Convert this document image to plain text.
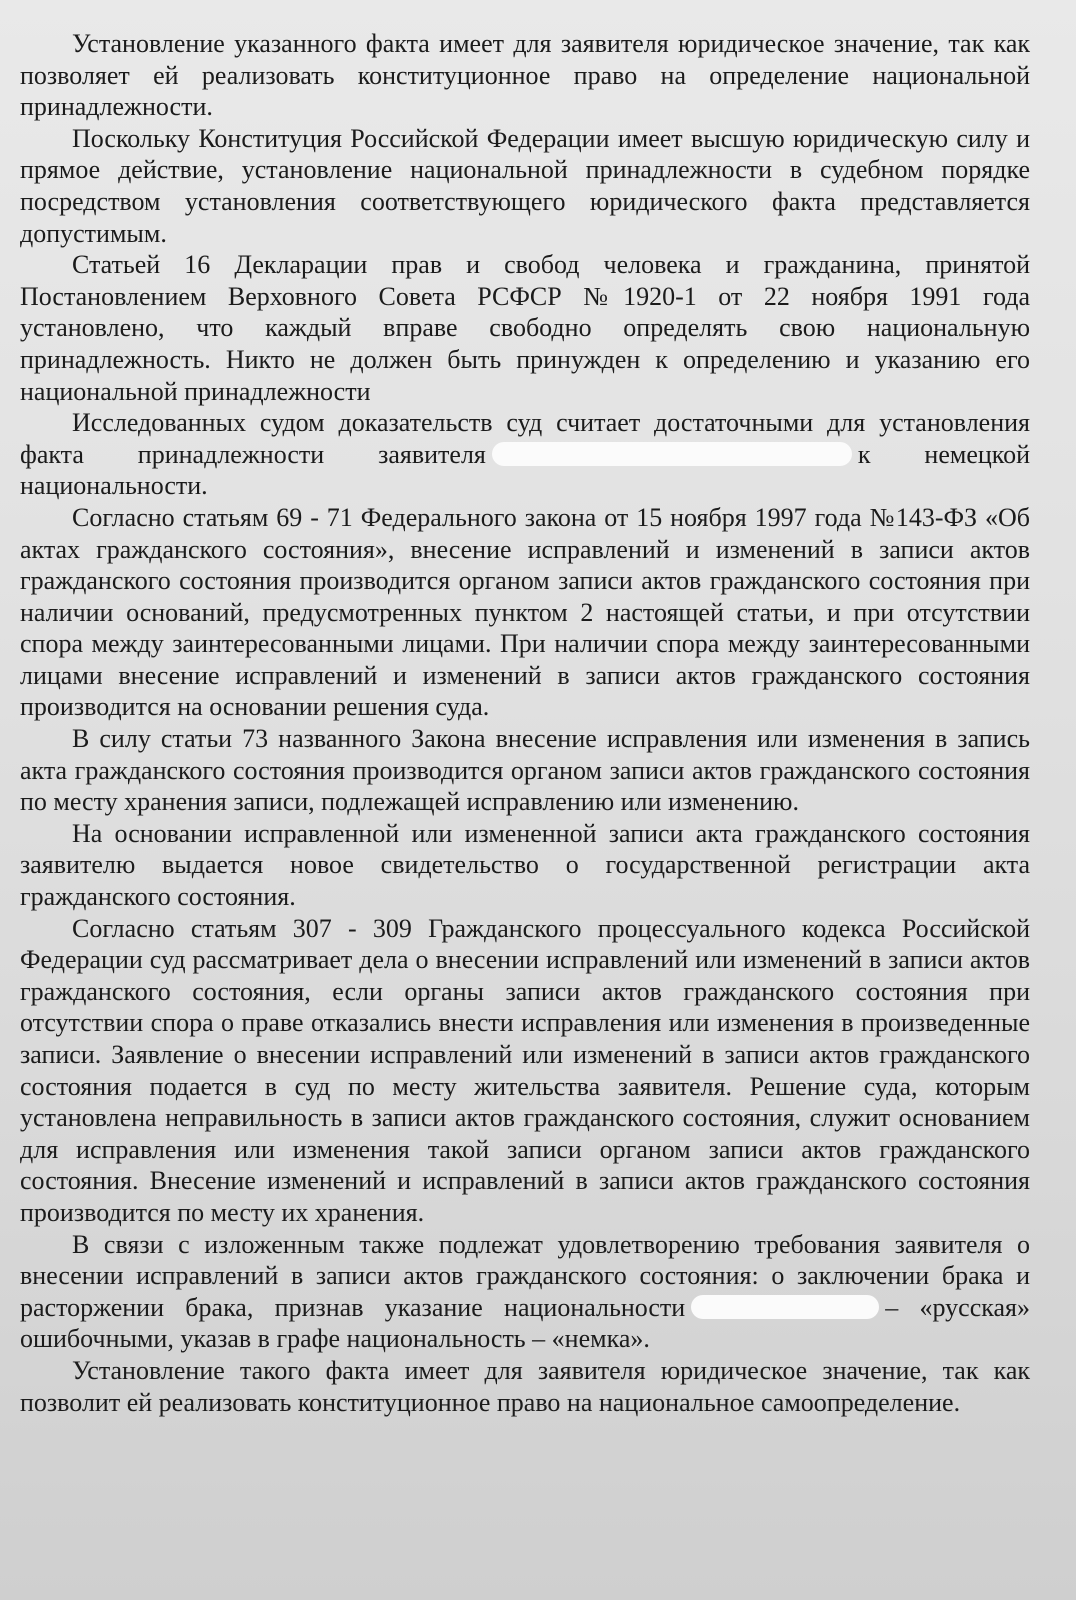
Установление указанного факта имеет для заявителя юридическое значение, так как позволяет ей реализовать конституционное право на определение национальной принадлежности.

Поскольку Конституция Российской Федерации имеет высшую юридическую силу и прямое действие, установление национальной принадлежности в судебном порядке посредством установления соответствующего юридического факта представляется допустимым.

Статьей 16 Декларации прав и свобод человека и гражданина, принятой Постановлением Верховного Совета РСФСР №1920-1 от 22 ноября 1991 года установлено, что каждый вправе свободно определять свою национальную принадлежность. Никто не должен быть принужден к определению и указанию его национальной принадлежности

Исследованных судом доказательств суд считает достаточными для установления факта принадлежности заявителя	к немецкой национальности.

Согласно статьям 69 - 71 Федерального закона от 15 ноября 1997 года №143-ФЗ «Об актах гражданского состояния», внесение исправлений и изменений в записи актов гражданского состояния производится органом записи актов гражданского состояния при наличии оснований, предусмотренных пунктом 2 настоящей статьи, и при отсутствии спора между заинтересованными лицами. При наличии спора между заинтересованными лицами внесение исправлений и изменений в записи актов гражданского состояния производится на основании решения суда.

В силу статьи 73 названного Закона внесение исправления или изменения в запись акта гражданского состояния производится органом записи актов гражданского состояния по месту хранения записи, подлежащей исправлению или изменению.

На основании исправленной или измененной записи акта гражданского состояния заявителю выдается новое свидетельство о государственной регистрации акта гражданского состояния.

Согласно статьям 307 - 309 Гражданского процессуального кодекса Российской Федерации суд рассматривает дела о внесении исправлений или изменений в записи актов гражданского состояния, если органы записи актов гражданского состояния при отсутствии спора о праве отказались внести исправления или изменения в произведенные записи. Заявление о внесении исправлений или изменений в записи актов гражданского состояния подается в суд по месту жительства заявителя. Решение суда, которым установлена неправильность в записи актов гражданского состояния, служит основанием для исправления или изменения такой записи органом записи актов гражданского состояния. Внесение изменений и исправлений в записи актов гражданского состояния производится по месту их хранения.

В связи с изложенным также подлежат удовлетворению требования заявителя о внесении исправлений в записи актов гражданского состояния: о заключении брака и расторжении брака, признав указание национальности	– «русская» ошибочными, указав в графе национальность – «немка».

Установление такого факта имеет для заявителя юридическое значение, так как позволит ей реализовать конституционное право на национальное самоопределение.
